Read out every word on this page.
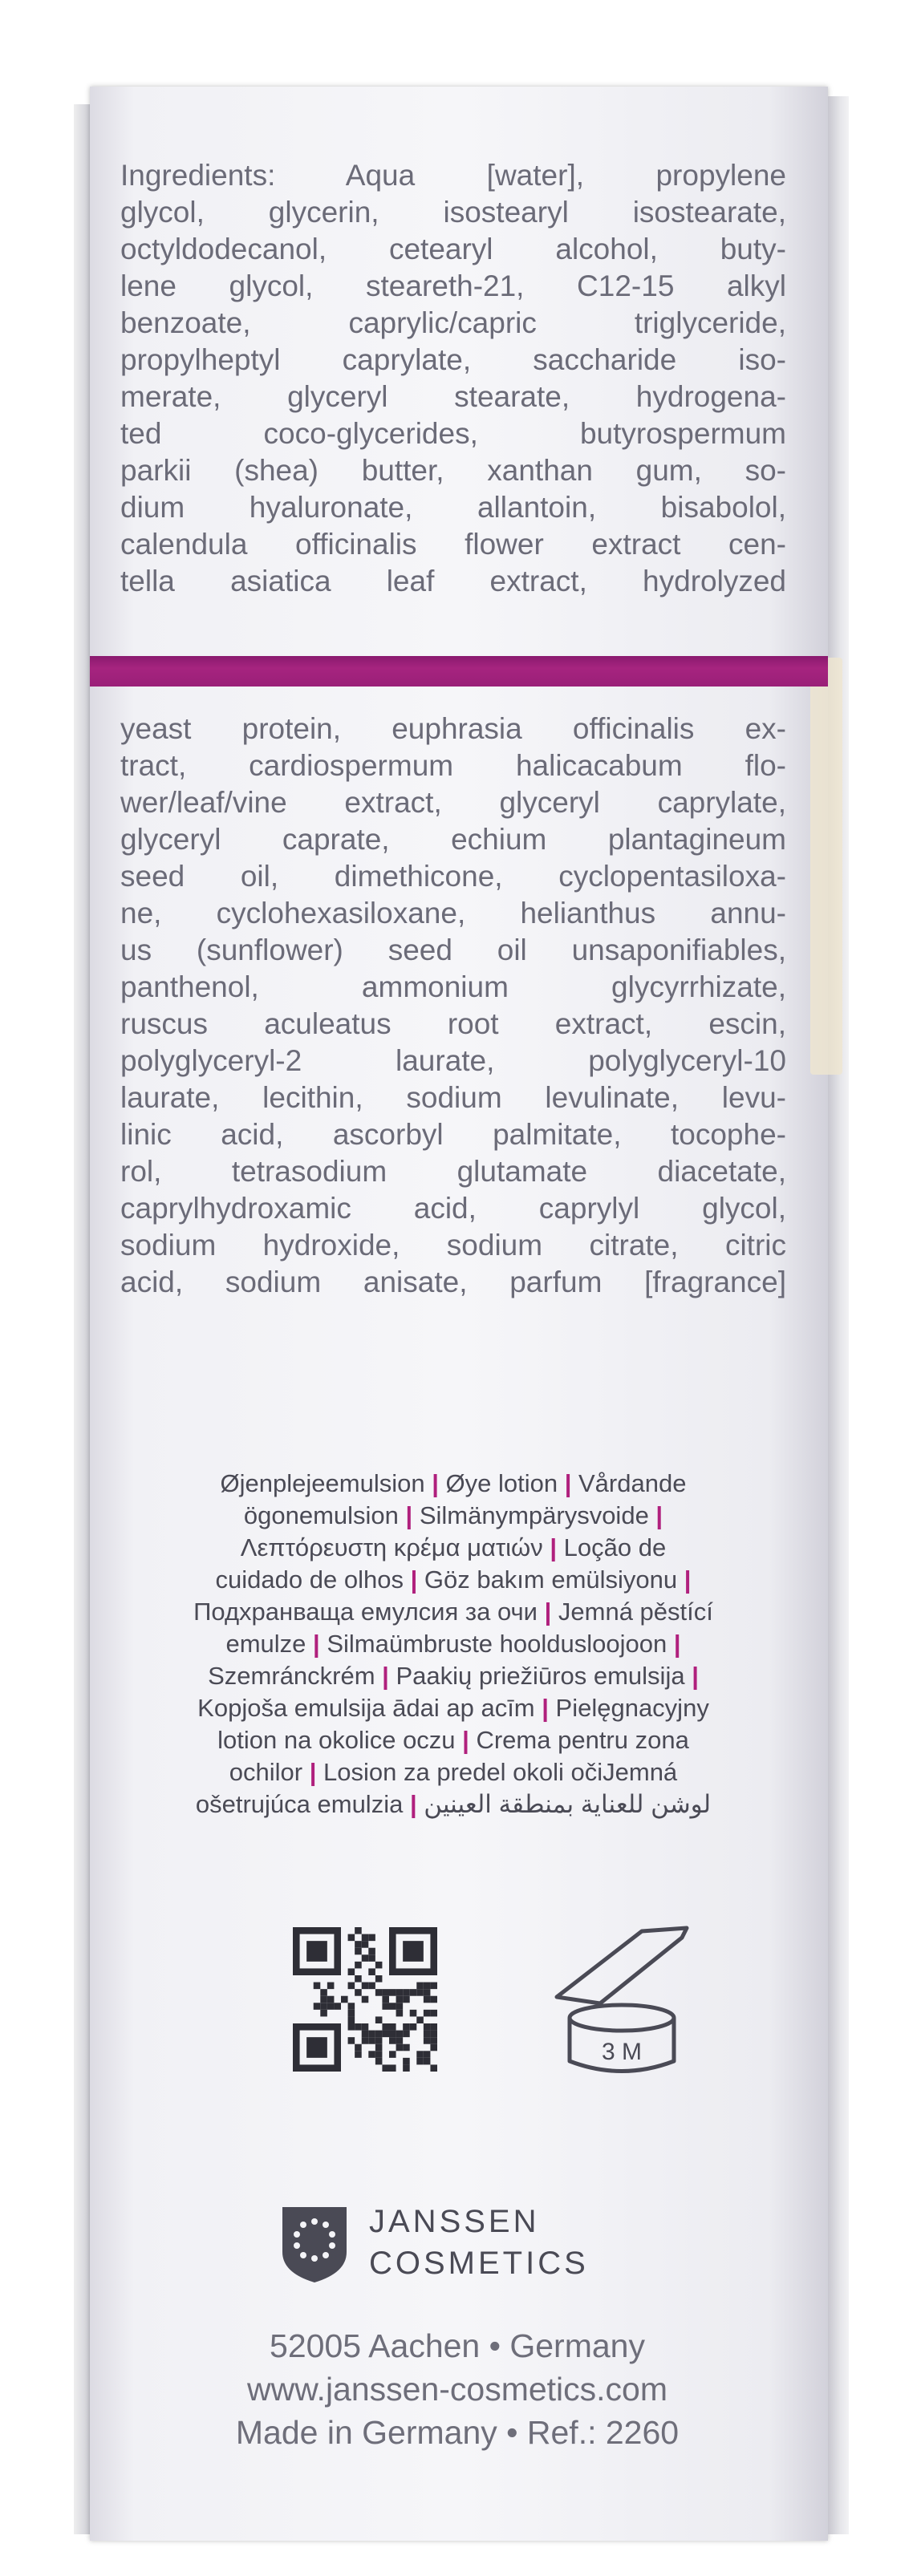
Ingredients: Aqua [water], propylene
glycol, glycerin, isostearyl isostearate,
octyldodecanol, cetearyl alcohol, buty-
lene glycol, steareth-21, C12-15 alkyl
benzoate, caprylic/capric triglyceride,
propylheptyl caprylate, saccharide iso-
merate, glyceryl stearate, hydrogena-
ted coco-glycerides, butyrospermum
parkii (shea) butter, xanthan gum, so-
dium hyaluronate, allantoin, bisabolol,
calendula officinalis flower extract cen-
tella asiatica leaf extract, hydrolyzed
yeast protein, euphrasia officinalis ex-
tract, cardiospermum halicacabum flo-
wer/leaf/vine extract, glyceryl caprylate,
glyceryl caprate, echium plantagineum
seed oil, dimethicone, cyclopentasiloxa-
ne, cyclohexasiloxane, helianthus annu-
us (sunflower) seed oil unsaponifiables,
panthenol, ammonium glycyrrhizate,
ruscus aculeatus root extract, escin,
polyglyceryl-2 laurate, polyglyceryl-10
laurate, lecithin, sodium levulinate, levu-
linic acid, ascorbyl palmitate, tocophe-
rol, tetrasodium glutamate diacetate,
caprylhydroxamic acid, caprylyl glycol,
sodium hydroxide, sodium citrate, citric
acid, sodium anisate, parfum [fragrance]
Øjenplejeemulsion | Øye lotion | Vårdande
ögonemulsion | Silmänympärysvoide |
Λεπτόρευστη κρέμα ματιών | Loção de
cuidado de olhos | Göz bakım emülsiyonu |
Подхранваща емулсия за очи | Jemná pěstící
emulze | Silmaümbruste hooldusloojoon |
Szemránckrém | Paakių priežiūros emulsija |
Kopjoša emulsija ādai ap acīm | Pielęgnacyjny
lotion na okolice oczu | Crema pentru zona
ochilor | Losion za predel okoli očiJemná
ošetrujúca emulzia | لوشن للعناية بمنطقة العينين
3 M
JANSSEN
COSMETICS
52005 Aachen • Germany
www.janssen-cosmetics.com
Made in Germany • Ref.: 2260
